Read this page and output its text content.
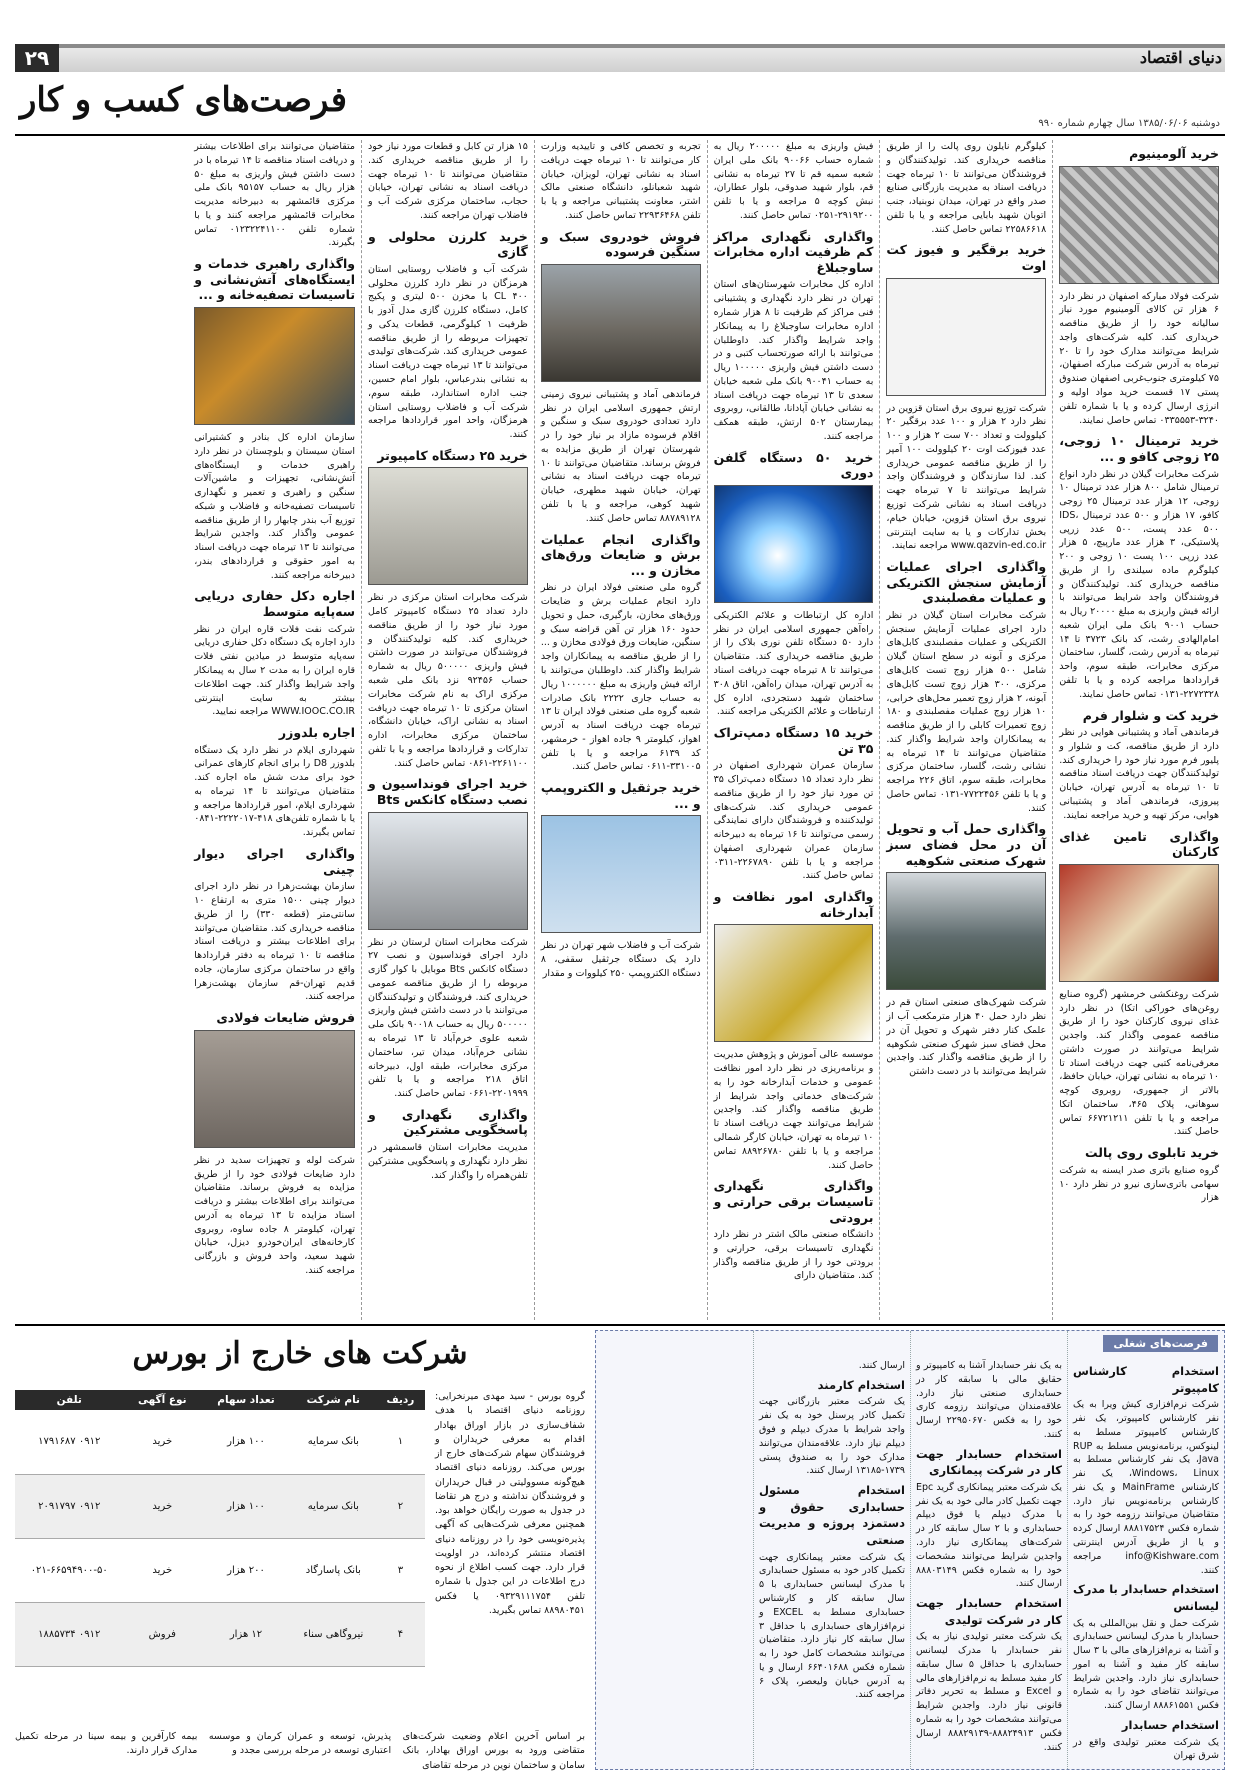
۲۹	دنیای اقتصاد
فرصت‌های کسب و کار
دوشنبه ۱۳۸۵/۰۶/۰۶ سال چهارم شماره ۹۹۰
خرید آلومینیوم
شرکت فولاد مبارکه اصفهان در نظر دارد ۶ هزار تن کالای آلومینیوم مورد نیاز سالیانه خود را از طریق مناقصه خریداری کند. کلیه شرکت‌های واجد شرایط می‌توانند مدارک خود را تا ۲۰ تیرماه به آدرس شرکت مبارکه اصفهان، ۷۵ کیلومتری جنوب‌غربی اصفهان صندوق پستی ۱۷ قسمت خرید مواد اولیه و انرژی ارسال کرده و یا با شماره تلفن ۳۲۴۰-۰۳۳۵۵۵۳ تماس حاصل نمایند.
خرید ترمینال ۱۰ زوجی، ۲۵ زوجی کافو و ...
شرکت مخابرات گیلان در نظر دارد انواع ترمینال شامل ۸۰۰ هزار عدد ترمینال ۱۰ زوجی، ۱۲ هزار عدد ترمینال ۲۵ زوجی کافو، ۱۷ هزار و ۵۰۰ عدد ترمینال IDS، ۵۰۰ عدد پست، ۵۰۰ عدد زرپی پلاستیکی، ۳ هزار عدد مارپیچ، ۵ هزار عدد زرپی ۱۰۰ پست ۱۰ زوجی و ۲۰۰ کیلوگرم ماده سیلندی را از طریق مناقصه خریداری کند. تولیدکنندگان و فروشندگان واجد شرایط می‌توانند با ارائه فیش واریزی به مبلغ ۲۰۰۰۰ ریال به حساب ۹۰۰۱ بانک ملی ایران شعبه امام‌الهادی رشت، کد بانک ۳۷۲۳ تا ۱۴ تیرماه به آدرس رشت، گلسار، ساختمان مرکزی مخابرات، طبقه سوم، واحد قراردادها مراجعه کرده و یا با تلفن ۲۲۷۲۳۲۸-۰۱۳۱ تماس حاصل نمایند.
خرید کت و شلوار فرم
فرماندهی آماد و پشتیبانی هوایی در نظر دارد از طریق مناقصه، کت و شلوار و پلیور فرم مورد نیاز خود را خریداری کند. تولیدکنندگان جهت دریافت اسناد مناقصه تا ۱۰ تیرماه به آدرس تهران، خیابان پیروزی، فرماندهی آماد و پشتیبانی هوایی، مرکز تهیه و خرید مراجعه نمایند.
واگذاری تامین غذای کارکنان
شرکت روغنکشی خرمشهر (گروه صنایع روغن‌های خوراکی اتکا) در نظر دارد غذای نیروی کارکنان خود را از طریق مناقصه عمومی واگذار کند. واجدین شرایط می‌توانند در صورت داشتن معرفی‌نامه کتبی جهت دریافت اسناد تا ۱۰ تیرماه به نشانی تهران، خیابان حافظ، بالاتر از جمهوری، روبروی کوچه سوهانی، پلاک ۴۶۵، ساختمان اتکا مراجعه و یا با تلفن ۶۶۷۲۱۲۱۱ تماس حاصل کنند.
خرید تابلوی روی پالت
گروه صنایع باتری صدر ایسنه به شرکت سهامی باتری‌سازی نیرو در نظر دارد ۱۰ هزار
کیلوگرم نایلون روی پالت را از طریق مناقصه خریداری کند. تولیدکنندگان و فروشندگان می‌توانند تا ۱۰ تیرماه جهت دریافت اسناد به مدیریت بازرگانی صنایع صدر واقع در تهران، میدان نوبنیاد، جنب اتوبان شهید بابایی مراجعه و یا با تلفن ۲۲۵۸۶۶۱۸ تماس حاصل کنند.
خرید برقگیر و فیوز کت اوت
شرکت توزیع نیروی برق استان قزوین در نظر دارد ۲ هزار و ۱۰۰ عدد برقگیر ۲۰ کیلوولت و تعداد ۷۰۰ ست ۲ هزار و ۱۰۰ عدد فیوزکت اوت ۲۰ کیلوولت ۱۰۰ آمپر را از طریق مناقصه عمومی خریداری کند. لذا سازندگان و فروشندگان واجد شرایط می‌توانند تا ۷ تیرماه جهت دریافت اسناد به نشانی شرکت توزیع نیروی برق استان قزوین، خیابان خیام، بخش تدارکات و یا به سایت اینترنتی www.qazvin-ed.co.ir مراجعه نمایند.
واگذاری اجرای عملیات آزمایش سنجش الکتریکی و عملیات مفصلبندی
شرکت مخابرات استان گیلان در نظر دارد اجرای عملیات آزمایش سنجش الکتریکی و عملیات مفصلبندی کابل‌های مرکزی و آبونه در سطح استان گیلان شامل ۵۰۰ هزار زوج تست کابل‌های مرکزی، ۳۰۰ هزار زوج تست کابل‌های آبونه، ۲ هزار زوج تعمیر محل‌های خرابی، ۱۰ هزار زوج عملیات مفصلبندی و ۱۸۰ زوج تعمیرات کابلی را از طریق مناقصه به پیمانکاران واجد شرایط واگذار کند. متقاضیان می‌توانند تا ۱۴ تیرماه به نشانی رشت، گلسار، ساختمان مرکزی مخابرات، طبقه سوم، اتاق ۲۲۶ مراجعه و یا با تلفن ۷۷۲۲۴۵۶-۰۱۳۱ تماس حاصل کنند.
واگذاری حمل آب و تحویل آن در محل فضای سبز شهرک صنعتی شکوهیه
شرکت شهرک‌های صنعتی استان قم در نظر دارد حمل ۴۰ هزار مترمکعب آب از علمک کنار دفتر شهرک و تحویل آن در محل فضای سبز شهرک صنعتی شکوهیه را از طریق مناقصه واگذار کند. واجدین شرایط می‌توانند با در دست داشتن
فیش واریزی به مبلغ ۲۰۰۰۰۰ ریال به شماره حساب ۹۰۰۶۶ بانک ملی ایران شعبه سمیه قم تا ۲۷ تیرماه به نشانی قم، بلوار شهید صدوقی، بلوار عطاران، نبش کوچه ۵ مراجعه و یا با تلفن ۲۹۱۹۲۰۰-۰۲۵۱ تماس حاصل کنند.
واگذاری نگهداری مراکز کم ظرفیت اداره مخابرات ساوجبلاغ
اداره کل مخابرات شهرستان‌های استان تهران در نظر دارد نگهداری و پشتیبانی فنی مراکز کم ظرفیت تا ۸ هزار شماره اداره مخابرات ساوجبلاغ را به پیمانکار واجد شرایط واگذار کند. داوطلبان می‌توانند با ارائه صورتحساب کتبی و در دست داشتن فیش واریزی ۱۰۰۰۰۰ ریال به حساب ۹۰۰۴۱ بانک ملی شعبه خیابان سعدی تا ۱۳ تیرماه جهت دریافت اسناد به نشانی خیابان آپادانا، طالقانی، روبروی بیمارستان ۵۰۲ ارتش، طبقه همکف مراجعه کنند.
خرید ۵۰ دستگاه گلفن دوری
اداره کل ارتباطات و علائم الکتریکی راه‌آهن جمهوری اسلامی ایران در نظر دارد ۵۰ دستگاه تلفن نوری بلاک را از طریق مناقصه خریداری کند. متقاضیان می‌توانند تا ۸ تیرماه جهت دریافت اسناد به آدرس تهران، میدان راه‌آهن، اتاق ۳۰۸ ساختمان شهید دستجردی، اداره کل ارتباطات و علائم الکتریکی مراجعه کنند.
خرید ۱۵ دستگاه دمپ‌تراک ۳۵ تن
سازمان عمران شهرداری اصفهان در نظر دارد تعداد ۱۵ دستگاه دمپ‌تراک ۳۵ تن مورد نیاز خود را از طریق مناقصه عمومی خریداری کند. شرکت‌های تولیدکننده و فروشندگان دارای نمایندگی رسمی می‌توانند تا ۱۶ تیرماه به دبیرخانه سازمان عمران شهرداری اصفهان مراجعه و یا با تلفن ۲۲۶۷۸۹۰-۰۳۱۱ تماس حاصل کنند.
واگذاری امور نظافت و آبدارخانه
موسسه عالی آموزش و پژوهش مدیریت و برنامه‌ریزی در نظر دارد امور نظافت عمومی و خدمات آبدارخانه خود را به شرکت‌های خدماتی واجد شرایط از طریق مناقصه واگذار کند. واجدین شرایط می‌توانند جهت دریافت اسناد تا ۱۰ تیرماه به تهران، خیابان کارگر شمالی مراجعه و یا با تلفن ۸۸۹۲۶۷۸۰ تماس حاصل کنند.
واگذاری نگهداری تاسیسات برقی حرارتی و برودتی
دانشگاه صنعتی مالک اشتر در نظر دارد نگهداری تاسیسات برقی، حرارتی و برودتی خود را از طریق مناقصه واگذار کند. متقاضیان دارای
تجربه و تخصص کافی و تاییدیه وزارت کار می‌توانند تا ۱۰ تیرماه جهت دریافت اسناد به نشانی تهران، لویزان، خیابان شهید شعبانلو، دانشگاه صنعتی مالک اشتر، معاونت پشتیبانی مراجعه و یا با تلفن ۲۲۹۳۶۴۶۸ تماس حاصل کنند.
فروش خودروی سبک و سنگین فرسوده
فرماندهی آماد و پشتیبانی نیروی زمینی ارتش جمهوری اسلامی ایران در نظر دارد تعدادی خودروی سبک و سنگین و اقلام فرسوده مازاد بر نیاز خود را در شهرستان تهران از طریق مزایده به فروش برساند. متقاضیان می‌توانند تا ۱۰ تیرماه جهت دریافت اسناد به نشانی تهران، خیابان شهید مطهری، خیابان شهید کوهی، مراجعه و یا با تلفن ۸۸۷۸۹۱۲۸ تماس حاصل کنند.
واگذاری انجام عملیات برش و ضایعات ورق‌های مخازن و ...
گروه ملی صنعتی فولاد ایران در نظر دارد انجام عملیات برش و ضایعات ورق‌های مخازن، بارگیری، حمل و تحویل حدود ۱۶۰ هزار تن آهن قراضه سبک و سنگین، ضایعات ورق فولادی مخازن و ... را از طریق مناقصه به پیمانکاران واجد شرایط واگذار کند. داوطلبان می‌توانند با ارائه فیش واریزی به مبلغ ۱۰۰۰۰۰۰ ریال به حساب جاری ۲۲۲۲ بانک صادرات شعبه گروه ملی صنعتی فولاد ایران تا ۱۳ تیرماه جهت دریافت اسناد به آدرس اهواز، کیلومتر ۹ جاده اهواز - خرمشهر، کد ۶۱۳۹ مراجعه و یا با تلفن ۳۳۱۰۰۵-۰۶۱۱ تماس حاصل کنند.
خرید جرثقیل و الکتروپمپ و ...
شرکت آب و فاضلاب شهر تهران در نظر دارد یک دستگاه جرثقیل سقفی، ۸ دستگاه الکتروپمپ ۲۵۰ کیلووات و مقدار
۱۵ هزار تن کابل و قطعات مورد نیاز خود را از طریق مناقصه خریداری کند. متقاضیان می‌توانند تا ۱۰ تیرماه جهت دریافت اسناد به نشانی تهران، خیابان حجاب، ساختمان مرکزی شرکت آب و فاضلاب تهران مراجعه کنند.
خرید کلرزن محلولی و گازی
شرکت آب و فاضلاب روستایی استان هرمزگان در نظر دارد کلرزن محلولی ۴۰۰ CL با مخزن ۵۰۰ لیتری و پکیج کامل، دستگاه کلرزن گازی مدل آدوز با ظرفیت ۱ کیلوگرمی، قطعات یدکی و تجهیزات مربوطه را از طریق مناقصه عمومی خریداری کند. شرکت‌های تولیدی می‌توانند تا ۱۳ تیرماه جهت دریافت اسناد به نشانی بندرعباس، بلوار امام حسین، جنب اداره استاندارد، طبقه سوم، شرکت آب و فاضلاب روستایی استان هرمزگان، واحد امور قراردادها مراجعه کنند.
خرید ۲۵ دستگاه کامپیوتر
شرکت مخابرات استان مرکزی در نظر دارد تعداد ۲۵ دستگاه کامپیوتر کامل مورد نیاز خود را از طریق مناقصه خریداری کند. کلیه تولیدکنندگان و فروشندگان می‌توانند در صورت داشتن فیش واریزی ۵۰۰۰۰۰ ریال به شماره حساب ۹۲۴۵۶ نزد بانک ملی شعبه مرکزی اراک به نام شرکت مخابرات استان مرکزی تا ۱۰ تیرماه جهت دریافت اسناد به نشانی اراک، خیابان دانشگاه، ساختمان مرکزی مخابرات، اداره تدارکات و قراردادها مراجعه و یا با تلفن ۲۲۶۱۱۰۰-۰۸۶۱ تماس حاصل کنند.
خرید اجرای فونداسیون و نصب دستگاه کانکس Bts
شرکت مخابرات استان لرستان در نظر دارد اجرای فونداسیون و نصب ۲۷ دستگاه کانکس Bts موبایل با کوار گازی مربوطه را از طریق مناقصه عمومی خریداری کند. فروشندگان و تولیدکنندگان می‌توانند با در دست داشتن فیش واریزی ۵۰۰۰۰۰ ریال به حساب ۹۰۰۱۸ بانک ملی شعبه علوی خرم‌آباد تا ۱۳ تیرماه به نشانی خرم‌آباد، میدان تیر، ساختمان مرکزی مخابرات، طبقه اول، دبیرخانه اتاق ۲۱۸ مراجعه و یا با تلفن ۲۲۰۱۹۹۹-۰۶۶۱ تماس حاصل کنند.
واگذاری نگهداری و پاسخگویی مشترکین
مدیریت مخابرات استان قاسمشهر در نظر دارد نگهداری و پاسخگویی مشترکین تلفن‌همراه را واگذار کند.
متقاضیان می‌توانند برای اطلاعات بیشتر و دریافت اسناد مناقصه تا ۱۴ تیرماه با در دست داشتن فیش واریزی به مبلغ ۵۰ هزار ریال به حساب ۹۵۱۵۷ بانک ملی مرکزی قائمشهر به دبیرخانه مدیریت مخابرات قائمشهر مراجعه کنند و یا با شماره تلفن ۰۱۲۳۲۲۴۱۱۰۰ تماس بگیرند.
واگذاری راهبری خدمات و ایستگاه‌های آتش‌نشانی و تاسیسات تصفیه‌خانه و ...
سازمان اداره کل بنادر و کشتیرانی استان سیستان و بلوچستان در نظر دارد راهبری خدمات و ایستگاه‌های آتش‌نشانی، تجهیزات و ماشین‌آلات سنگین و راهبری و تعمیر و نگهداری تاسیسات تصفیه‌خانه و فاضلاب و شبکه توزیع آب بندر چابهار را از طریق مناقصه عمومی واگذار کند. واجدین شرایط می‌توانند تا ۱۳ تیرماه جهت دریافت اسناد به امور حقوقی و قراردادهای بندر، دبیرخانه مراجعه کنند.
اجاره دکل حفاری دریایی سه‌پایه متوسط
شرکت نفت فلات قاره ایران در نظر دارد اجاره یک دستگاه دکل حفاری دریایی سه‌پایه متوسط در میادین نفتی فلات قاره ایران را به مدت ۲ سال به پیمانکار واجد شرایط واگذار کند. جهت اطلاعات بیشتر به سایت اینترنتی WWW.IOOC.CO.IR مراجعه نمایید.
اجاره بلدوزر
شهرداری ایلام در نظر دارد یک دستگاه بلدوزر D8 را برای انجام کارهای عمرانی خود برای مدت شش ماه اجاره کند. متقاضیان می‌توانند تا ۱۴ تیرماه به شهرداری ایلام، امور قراردادها مراجعه و یا با شماره تلفن‌های ۴۱۸-۲۲۲۲۰۱۷-۰۸۴۱ تماس بگیرند.
واگذاری اجرای دیوار چینی
سازمان بهشت‌زهرا در نظر دارد اجرای دیوار چینی ۱۵۰۰ متری به ارتفاع ۱۰ سانتی‌متر (قطعه ۳۳۰) را از طریق مناقصه خریداری کند. متقاضیان می‌توانند برای اطلاعات بیشتر و دریافت اسناد مناقصه تا ۱۰ تیرماه به دفتر قراردادها واقع در ساختمان مرکزی سازمان، جاده قدیم تهران-قم سازمان بهشت‌زهرا مراجعه کنند.
فروش ضایعات فولادی
شرکت لوله و تجهیزات سدید در نظر دارد ضایعات فولادی خود را از طریق مزایده به فروش برساند. متقاضیان می‌توانند برای اطلاعات بیشتر و دریافت اسناد مزایده تا ۱۳ تیرماه به آدرس تهران، کیلومتر ۸ جاده ساوه، روبروی کارخانه‌های ایران‌خودرو دیزل، خیابان شهید سعید، واحد فروش و بازرگانی مراجعه کنند.
فرصت‌های شغلی
استخدام کارشناس کامپیوتر
شرکت نرم‌افزاری کیش ویرا به یک نفر کارشناس کامپیوتر، یک نفر کارشناس کامپیوتر مسلط به لینوکس، برنامه‌نویس مسلط به RUP Java، یک نفر کارشناس مسلط به Windows، Linux، یک نفر کارشناس MainFrame و یک نفر کارشناس برنامه‌نویس نیاز دارد. متقاضیان می‌توانند رزومه خود را به شماره فکس ۸۸۸۱۷۵۲۴ ارسال کرده و یا از طریق آدرس اینترنتی info@Kishware.com مراجعه کنند.
استخدام حسابدار با مدرک لیسانس
شرکت حمل و نقل بین‌المللی به یک حسابدار با مدرک لیسانس حسابداری و آشنا به نرم‌افزارهای مالی با ۳ سال سابقه کار مفید و آشنا به امور حسابداری نیاز دارد. واجدین شرایط می‌توانند تقاضای خود را به شماره فکس ۸۸۸۶۱۵۵۱ ارسال کنند.
استخدام حسابدار
یک شرکت معتبر تولیدی واقع در شرق تهران
به یک نفر حسابدار آشنا به کامپیوتر و حقایق مالی با سابقه کار در حسابداری صنعتی نیاز دارد. علاقه‌مندان می‌توانند رزومه کاری خود را به فکس ۲۲۹۵۰۶۷۰ ارسال کنند.
استخدام حسابدار جهت کار در شرکت پیمانکاری
یک شرکت معتبر پیمانکاری گرید Epc جهت تکمیل کادر مالی خود به یک نفر با مدرک دیپلم یا فوق دیپلم حسابداری و با ۲ سال سابقه کار در شرکت‌های پیمانکاری نیاز دارد. واجدین شرایط می‌توانند مشخصات خود را به شماره فکس ۸۸۸۰۳۱۴۹ ارسال کنند.
استخدام حسابدار جهت کار در شرکت تولیدی
یک شرکت معتبر تولیدی نیاز به یک نفر حسابدار با مدرک لیسانس حسابداری با حداقل ۵ سال سابقه کار مفید مسلط به نرم‌افزارهای مالی و Excel و مسلط به تحریر دفاتر قانونی نیاز دارد. واجدین شرایط می‌توانند مشخصات خود را به شماره فکس ۸۸۸۲۴۹۱۳-۸۸۸۲۹۱۳۹ ارسال کنند.
ارسال کنند.
استخدام کارمند
یک شرکت معتبر بازرگانی جهت تکمیل کادر پرسنل خود به یک نفر واجد شرایط با مدرک دیپلم و فوق دیپلم نیاز دارد. علاقه‌مندان می‌توانند مدارک خود را به صندوق پستی ۱۷۳۹-۱۳۱۸۵ ارسال کنند.
استخدام مسئول حسابداری حقوق و دستمزد پروژه و مدیریت صنعتی
یک شرکت معتبر پیمانکاری جهت تکمیل کادر خود به مسئول حسابداری با مدرک لیسانس حسابداری با ۵ سال سابقه کار و کارشناس حسابداری مسلط به EXCEL و نرم‌افزارهای حسابداری با حداقل ۳ سال سابقه کار نیاز دارد. متقاضیان می‌توانند مشخصات کامل خود را به شماره فکس ۶۶۴۰۱۶۸۸ ارسال و یا به آدرس خیابان ولیعصر، پلاک ۶ مراجعه کنند.
شرکت های خارج از بورس
گروه بورس - سید مهدی میرنخرایی: روزنامه دنیای اقتصاد با هدف شفاف‌سازی در بازار اوراق بهادار اقدام به معرفی خریداران و فروشندگان سهام شرکت‌های خارج از بورس می‌کند. روزنامه دنیای اقتصاد هیچ‌گونه مسوولیتی در قبال خریداران و فروشندگان نداشته و درج هر تقاضا در جدول به صورت رایگان خواهد بود. همچنین معرفی شرکت‌هایی که آگهی پذیره‌نویسی خود را در روزنامه دنیای اقتصاد منتشر کرده‌اند، در اولویت قرار دارد. جهت کسب اطلاع از نحوه درج اطلاعات در این جدول با شماره تلفن ۰۹۳۲۹۱۱۱۷۵۴ یا فکس ۸۸۹۸۰۴۵۱ تماس بگیرید.
ردیف	نام شرکت	تعداد سهام	نوع آگهی	تلفن
۱	بانک سرمایه	۱۰۰ هزار	خرید	۰۹۱۲ ۱۷۹۱۶۸۷
۲	بانک سرمایه	۱۰۰ هزار	خرید	۰۹۱۲ ۲۰۹۱۷۹۷
۳	بانک پاسارگاد	۲۰۰ هزار	خرید	۰۲۱-۶۶۵۹۴۹۰۰-۵۰
۴	نیروگاهی سناء	۱۲ هزار	فروش	۰۹۱۲ ۱۸۸۵۷۳۴
بر اساس آخرین اعلام وضعیت شرکت‌های متقاضی ورود به بورس اوراق بهادار، بانک سامان و ساختمان نوین در مرحله تقاضای
پذیرش، توسعه و عمران کرمان و موسسه اعتباری توسعه در مرحله بررسی مجدد و
بیمه کارآفرین و بیمه سینا در مرحله تکمیل مدارک قرار دارند.
